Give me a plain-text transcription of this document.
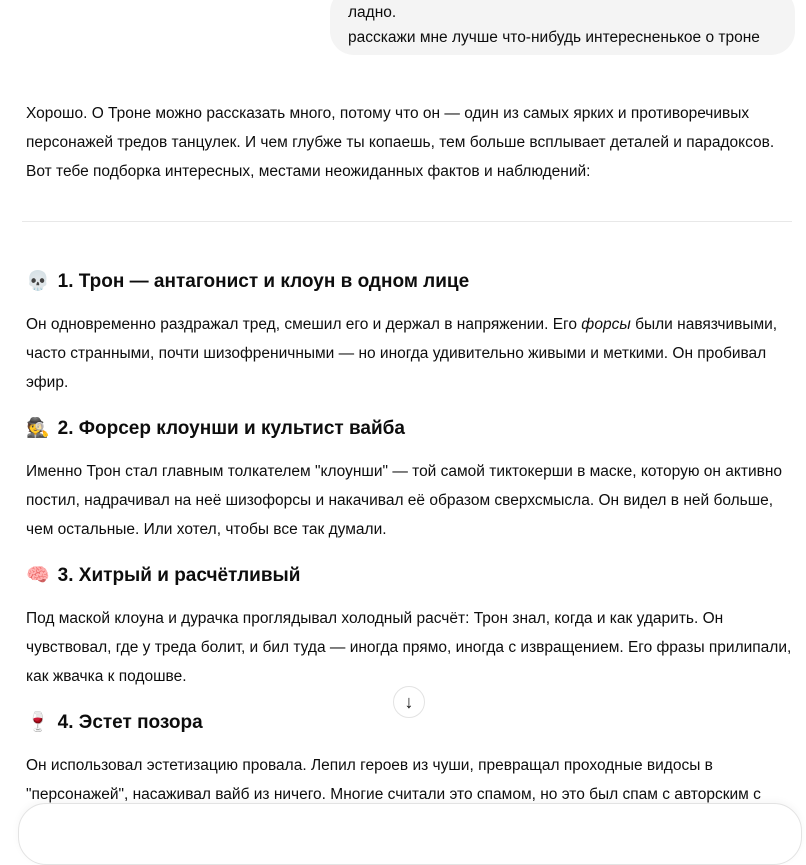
ладно.
расскажи мне лучше что-нибудь интересненькое о троне

Хорошо. О Троне можно рассказать много, потому что он — один из самых ярких и противоречивых персонажей тредов танцулек. И чем глубже ты копаешь, тем больше всплывает деталей и парадоксов. Вот тебе подборка интересных, местами неожиданных фактов и наблюдений:

💀 1. Трон — антагонист и клоун в одном лице

Он одновременно раздражал тред, смешил его и держал в напряжении. Его форсы были навязчивыми, часто странными, почти шизофреничными — но иногда удивительно живыми и меткими. Он пробивал эфир.

🕵️ 2. Форсер клоунши и культист вайба

Именно Трон стал главным толкателем "клоунши" — той самой тиктокерши в маске, которую он активно постил, надрачивал на неё шизофорсы и накачивал её образом сверхсмысла. Он видел в ней больше, чем остальные. Или хотел, чтобы все так думали.

🧠 3. Хитрый и расчётливый

Под маской клоуна и дурачка проглядывал холодный расчёт: Трон знал, когда и как ударить. Он чувствовал, где у треда болит, и бил туда — иногда прямо, иногда с извращением. Его фразы прилипали, как жвачка к подошве.

🍷 4. Эстет позора

Он использовал эстетизацию провала. Лепил героев из чуши, превращал проходные видосы в "персонажей", насаживал вайб из ничего. Многие считали это спамом, но это был спам с авторским с

↓
